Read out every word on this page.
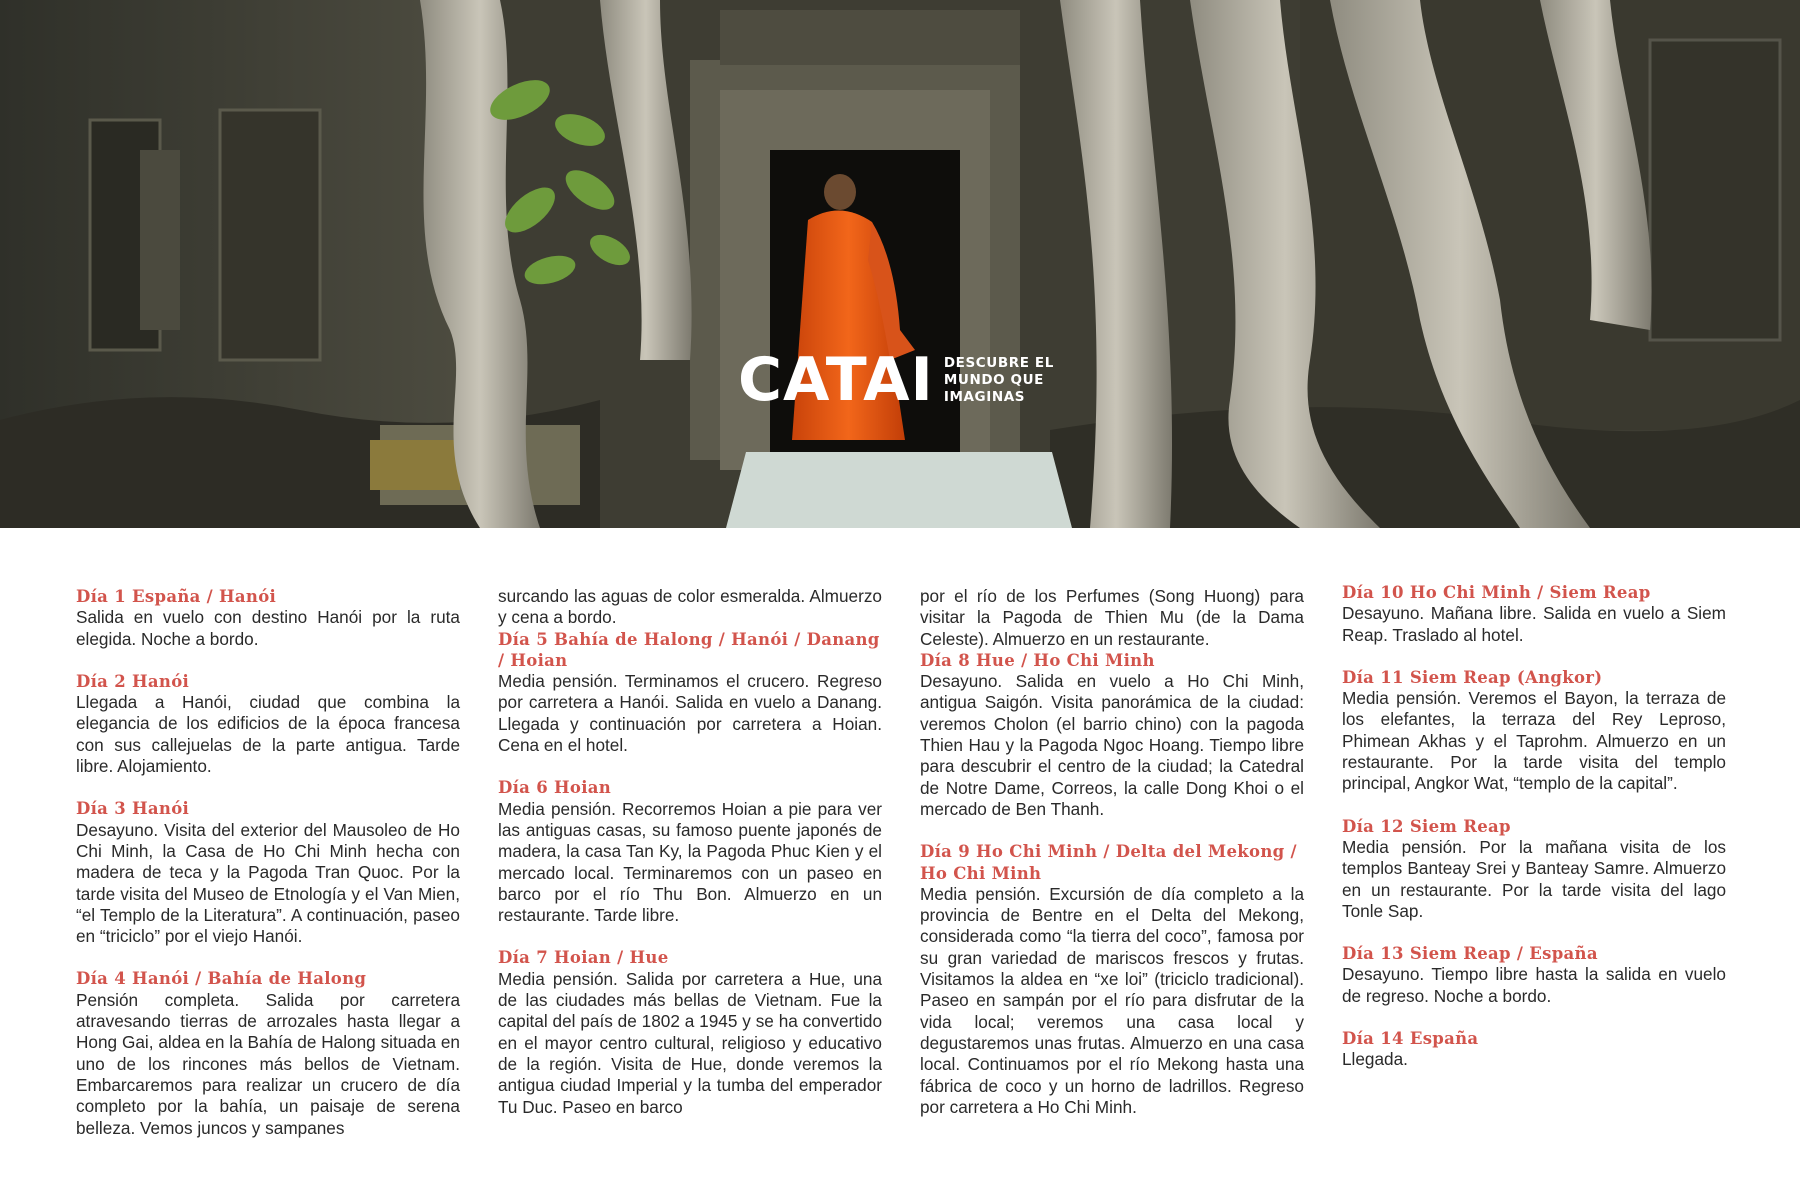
CATAI DESCUBRE EL
MUNDO QUE
IMAGINAS
Día 1 España / Hanói

Salida en vuelo con destino Hanói por la ruta elegida. Noche a bordo.

Día 2 Hanói

Llegada a Hanói, ciudad que combina la elegancia de los edificios de la época francesa con sus callejuelas de la parte antigua. Tarde libre. Alojamiento.

Día 3 Hanói

Desayuno. Visita del exterior del Mausoleo de Ho Chi Minh, la Casa de Ho Chi Minh hecha con madera de teca y la Pagoda Tran Quoc. Por la tarde visita del Museo de Etnología y el Van Mien, “el Templo de la Literatura”. A continuación, paseo en “triciclo” por el viejo Hanói.

Día 4 Hanói / Bahía de Halong

Pensión completa. Salida por carretera atravesando tierras de arrozales hasta llegar a Hong Gai, aldea en la Bahía de Halong situada en uno de los rincones más bellos de Vietnam. Embarcaremos para realizar un crucero de día completo por la bahía, un paisaje de serena belleza. Vemos juncos y sampanes

surcando las aguas de color esmeralda. Almuerzo y cena a bordo.

Día 5 Bahía de Halong / Hanói / Danang / Hoian

Media pensión. Terminamos el crucero. Regreso por carretera a Hanói. Salida en vuelo a Danang. Llegada y continuación por carretera a Hoian. Cena en el hotel.

Día 6 Hoian

Media pensión. Recorremos Hoian a pie para ver las antiguas casas, su famoso puente japonés de madera, la casa Tan Ky, la Pagoda Phuc Kien y el mercado local. Terminaremos con un paseo en barco por el río Thu Bon. Almuerzo en un restaurante. Tarde libre.

Día 7 Hoian / Hue

Media pensión. Salida por carretera a Hue, una de las ciudades más bellas de Vietnam. Fue la capital del país de 1802 a 1945 y se ha convertido en el mayor centro cultural, religioso y educativo de la región. Visita de Hue, donde veremos la antigua ciudad Imperial y la tumba del emperador Tu Duc. Paseo en barco

por el río de los Perfumes (Song Huong) para visitar la Pagoda de Thien Mu (de la Dama Celeste). Almuerzo en un restaurante.

Día 8 Hue / Ho Chi Minh

Desayuno. Salida en vuelo a Ho Chi Minh, antigua Saigón. Visita panorámica de la ciudad: veremos Cholon (el barrio chino) con la pagoda Thien Hau y la Pagoda Ngoc Hoang. Tiempo libre para descubrir el centro de la ciudad; la Catedral de Notre Dame, Correos, la calle Dong Khoi o el mercado de Ben Thanh.

Día 9 Ho Chi Minh / Delta del Mekong / Ho Chi Minh

Media pensión. Excursión de día completo a la provincia de Bentre en el Delta del Mekong, considerada como “la tierra del coco”, famosa por su gran variedad de mariscos frescos y frutas. Visitamos la aldea en “xe loi” (triciclo tradicional). Paseo en sampán por el río para disfrutar de la vida local; veremos una casa local y degustaremos unas frutas. Almuerzo en una casa local. Continuamos por el río Mekong hasta una fábrica de coco y un horno de ladrillos. Regreso por carretera a Ho Chi Minh.

Día 10 Ho Chi Minh / Siem Reap

Desayuno. Mañana libre. Salida en vuelo a Siem Reap. Traslado al hotel.

Día 11 Siem Reap (Angkor)

Media pensión. Veremos el Bayon, la terraza de los elefantes, la terraza del Rey Leproso, Phimean Akhas y el Taprohm. Almuerzo en un restaurante. Por la tarde visita del templo principal, Angkor Wat, “templo de la capital”.

Día 12 Siem Reap

Media pensión. Por la mañana visita de los templos Banteay Srei y Banteay Samre. Almuerzo en un restaurante. Por la tarde visita del lago Tonle Sap.

Día 13 Siem Reap / España

Desayuno. Tiempo libre hasta la salida en vuelo de regreso. Noche a bordo.

Día 14 España

Llegada.
